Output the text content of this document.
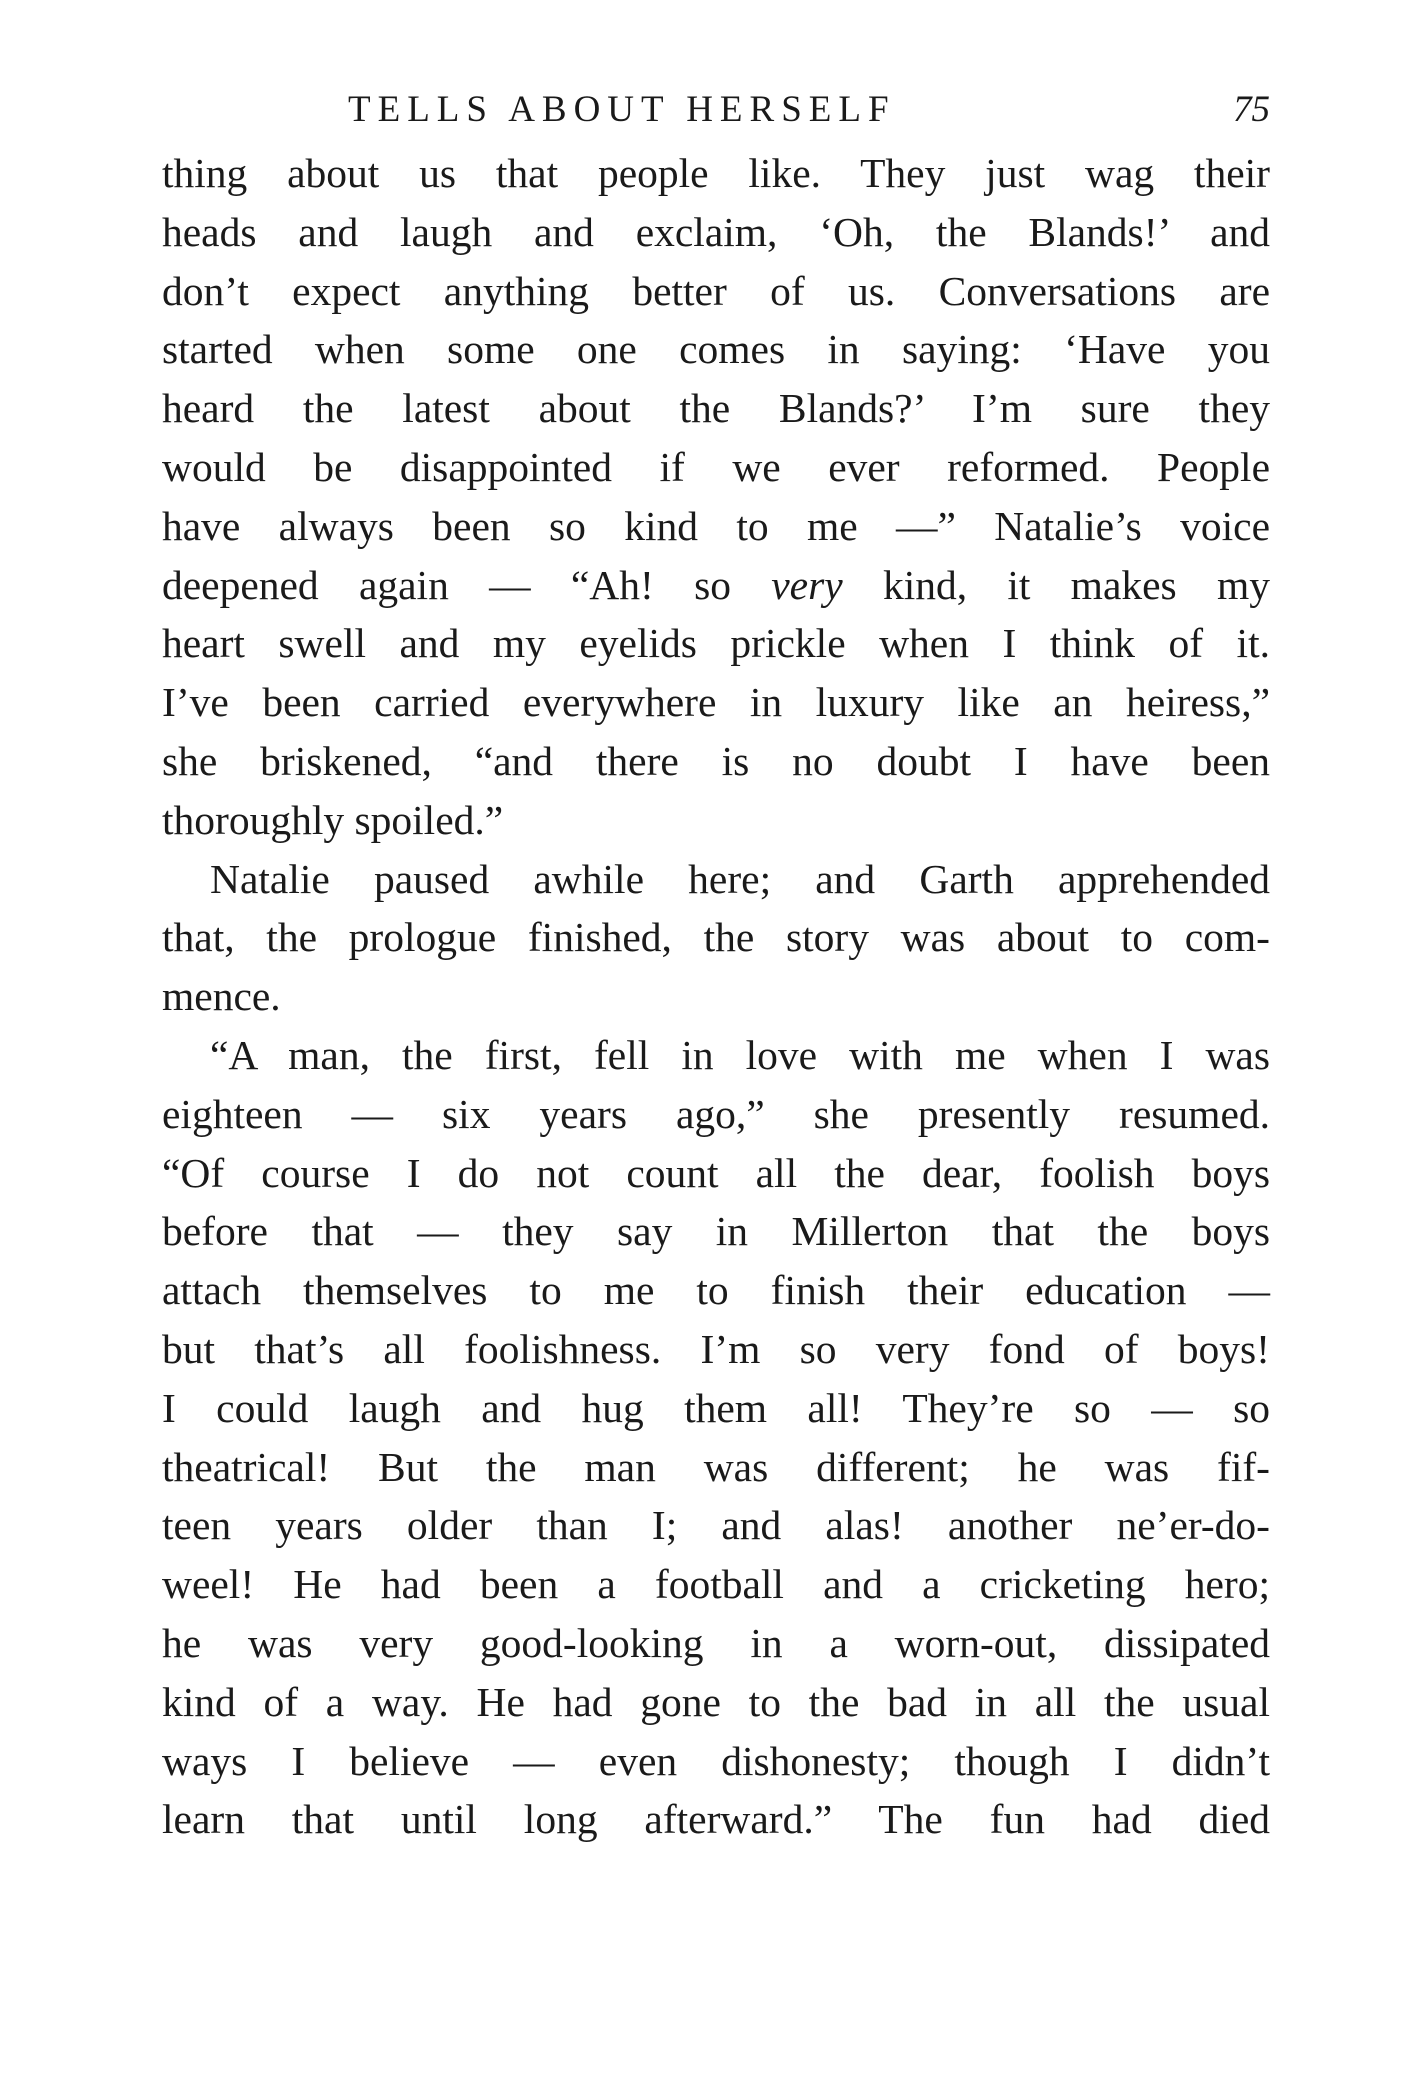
TELLS ABOUT HERSELF	75
thing about us that people like. They just wag their
heads and laugh and exclaim, ‘Oh, the Blands!’ and
don’t expect anything better of us. Conversations are
started when some one comes in saying: ‘Have you
heard the latest about the Blands?’ I’m sure they
would be disappointed if we ever reformed. People
have always been so kind to me —” Natalie’s voice
deepened again — “Ah! so very kind, it makes my
heart swell and my eyelids prickle when I think of it.
I’ve been carried everywhere in luxury like an heiress,”
she briskened, “and there is no doubt I have been
thoroughly spoiled.”
Natalie paused awhile here; and Garth apprehended
that, the prologue finished, the story was about to com-
mence.
“A man, the first, fell in love with me when I was
eighteen — six years ago,” she presently resumed.
“Of course I do not count all the dear, foolish boys
before that — they say in Millerton that the boys
attach themselves to me to finish their education —
but that’s all foolishness. I’m so very fond of boys!
I could laugh and hug them all! They’re so — so
theatrical! But the man was different; he was fif-
teen years older than I; and alas! another ne’er-do-
weel! He had been a football and a cricketing hero;
he was very good-looking in a worn-out, dissipated
kind of a way. He had gone to the bad in all the usual
ways I believe — even dishonesty; though I didn’t
learn that until long afterward.” The fun had died
